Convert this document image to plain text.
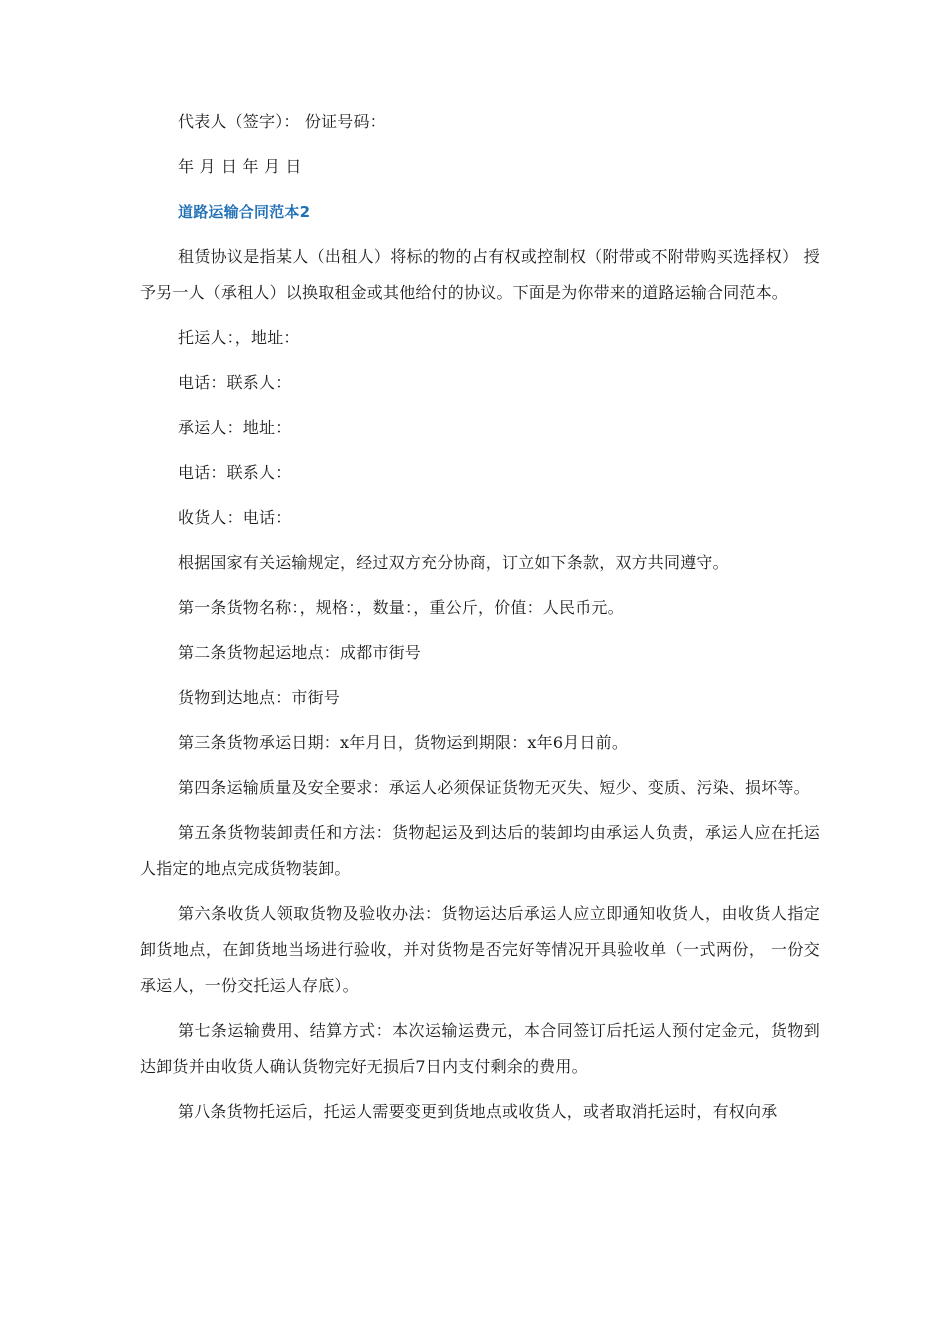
代表人（签字）： 份证号码：

年 月 日 年 月 日

道路运输合同范本2

租赁协议是指某人（出租人）将标的物的占有权或控制权（附带或不附带购买选择权） 授予另一人（承租人）以换取租金或其他给付的协议。下面是为你带来的道路运输合同范本。

托运人：，地址：

电话：联系人：

承运人：地址：

电话：联系人：

收货人：电话：

根据国家有关运输规定，经过双方充分协商，订立如下条款，双方共同遵守。

第一条货物名称：，规格：，数量：，重公斤，价值：人民币元。

第二条货物起运地点：成都市街号

货物到达地点：市街号

第三条货物承运日期：x年月日，货物运到期限：x年6月日前。

第四条运输质量及安全要求：承运人必须保证货物无灭失、短少、变质、污染、损坏等。

第五条货物装卸责任和方法：货物起运及到达后的装卸均由承运人负责，承运人应在托运人指定的地点完成货物装卸。

第六条收货人领取货物及验收办法：货物运达后承运人应立即通知收货人，由收货人指定卸货地点，在卸货地当场进行验收，并对货物是否完好等情况开具验收单（一式两份， 一份交承运人，一份交托运人存底）。

第七条运输费用、结算方式：本次运输运费元，本合同签订后托运人预付定金元，货物到达卸货并由收货人确认货物完好无损后7日内支付剩余的费用。

第八条货物托运后，托运人需要变更到货地点或收货人，或者取消托运时，有权向承
